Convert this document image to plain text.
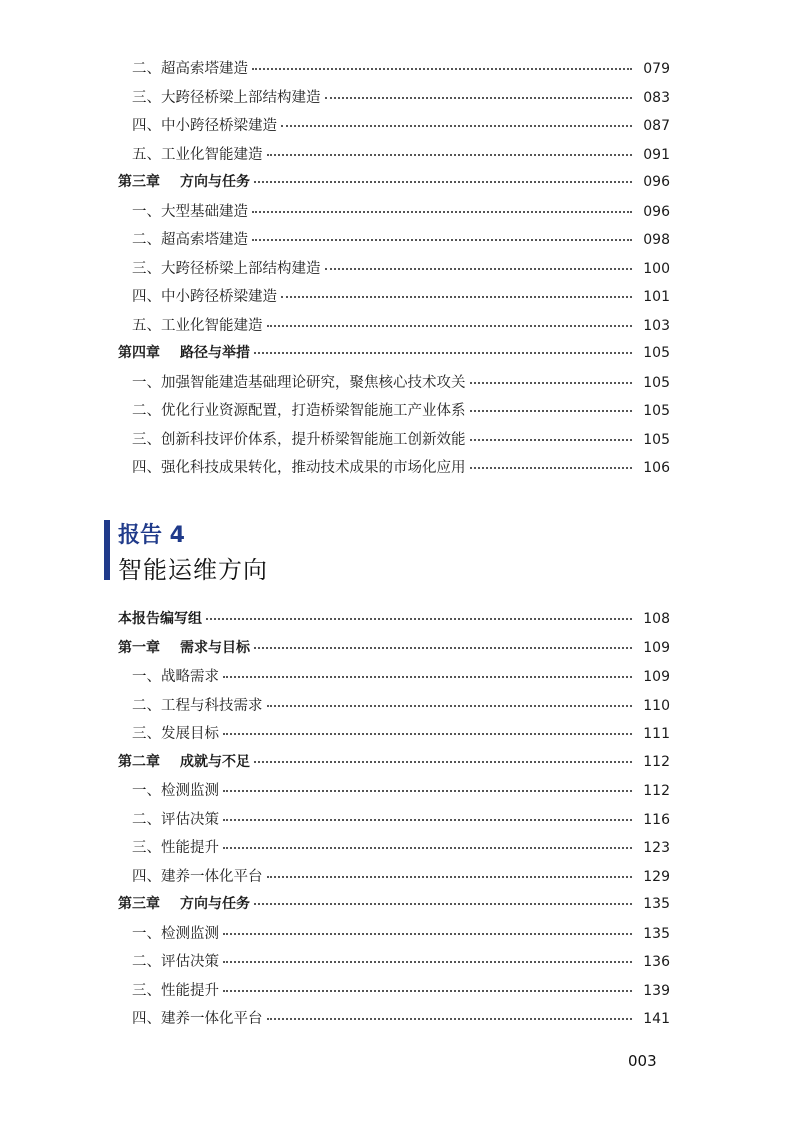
二、超高索塔建造	079
三、大跨径桥梁上部结构建造	083
四、中小跨径桥梁建造	087
五、工业化智能建造	091
第三章 方向与任务	096
一、大型基础建造	096
二、超高索塔建造	098
三、大跨径桥梁上部结构建造	100
四、中小跨径桥梁建造	101
五、工业化智能建造	103
第四章 路径与举措	105
一、加强智能建造基础理论研究，聚焦核心技术攻关	105
二、优化行业资源配置，打造桥梁智能施工产业体系	105
三、创新科技评价体系，提升桥梁智能施工创新效能	105
四、强化科技成果转化，推动技术成果的市场化应用	106
报告 4
智能运维方向
本报告编写组	108
第一章 需求与目标	109
一、战略需求	109
二、工程与科技需求	110
三、发展目标	111
第二章 成就与不足	112
一、检测监测	112
二、评估决策	116
三、性能提升	123
四、建养一体化平台	129
第三章 方向与任务	135
一、检测监测	135
二、评估决策	136
三、性能提升	139
四、建养一体化平台	141
003
